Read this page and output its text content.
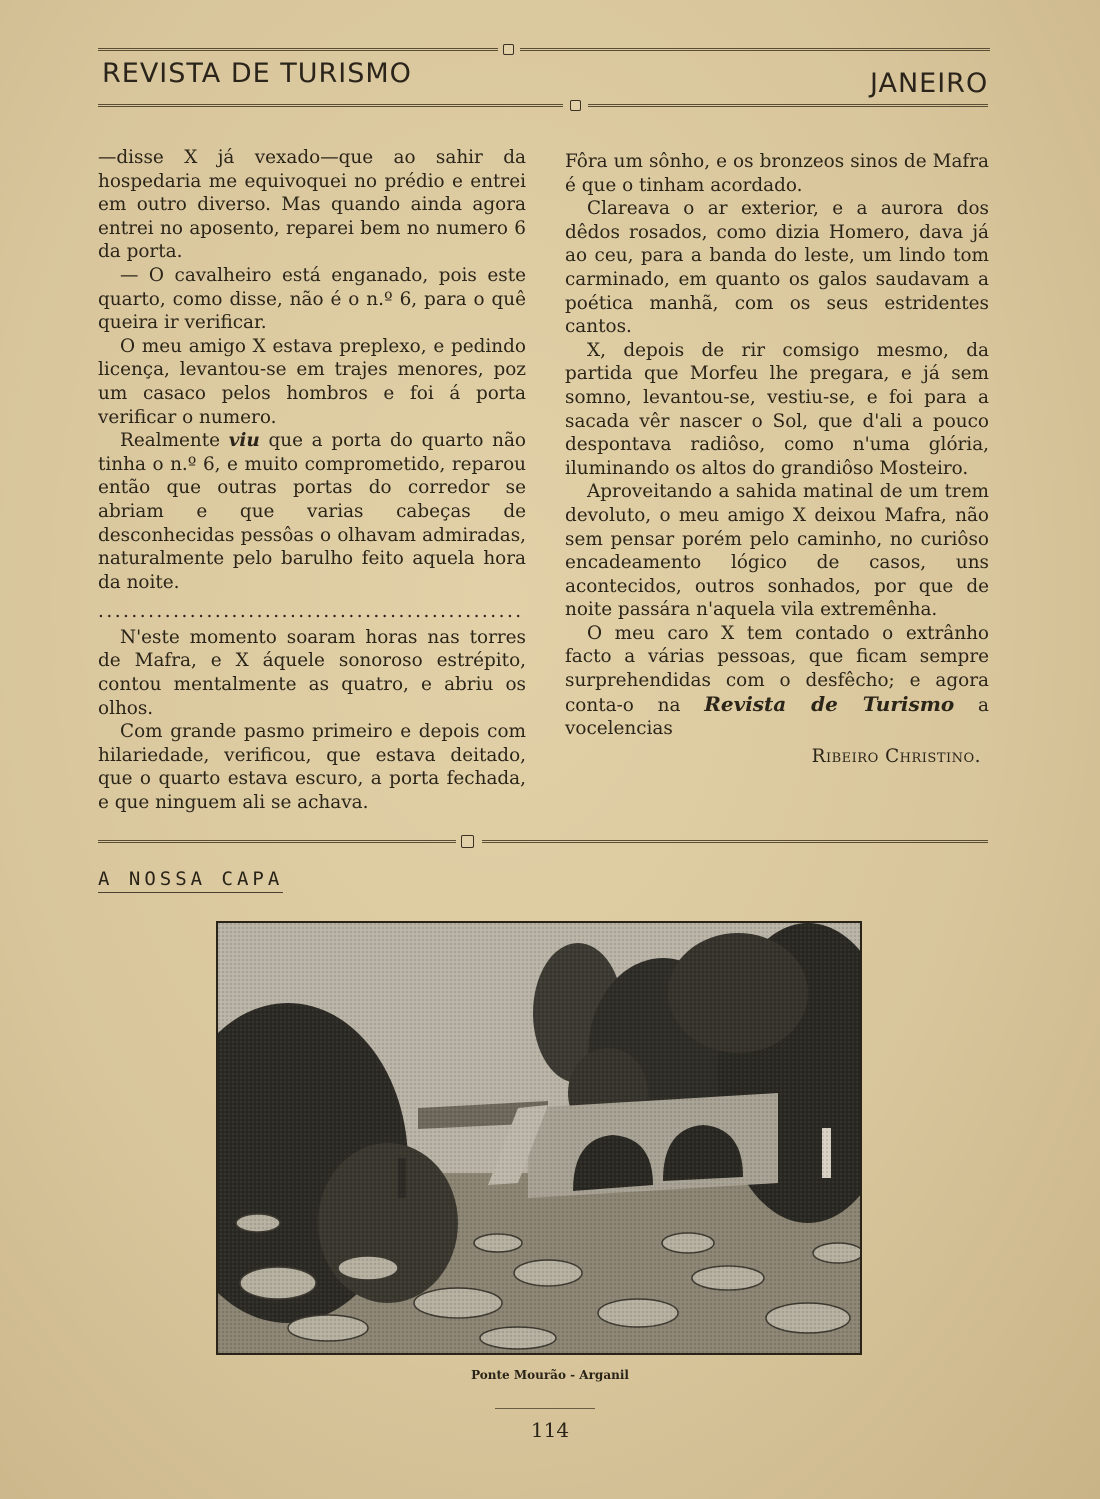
REVISTA DE TURISMO	JANEIRO

—disse X já vexado—que ao sahir da hospedaria me equivoquei no prédio e entrei em outro diverso. Mas quando ainda agora entrei no aposento, reparei bem no numero 6 da porta.

— O cavalheiro está enganado, pois este quarto, como disse, não é o n.º 6, para o quê queira ir verificar.

O meu amigo X estava preplexo, e pedindo licença, levantou-se em trajes menores, poz um casaco pelos hombros e foi á porta verificar o numero.

Realmente viu que a porta do quarto não tinha o n.º 6, e muito comprometido, reparou então que outras portas do corredor se abriam e que varias cabeças de desconhecidas pessôas o olhavam admiradas, naturalmente pelo barulho feito aquela hora da noite.

...................................................

N'este momento soaram horas nas torres de Mafra, e X áquele sonoroso estrépito, contou mentalmente as quatro, e abriu os olhos.

Com grande pasmo primeiro e depois com hilariedade, verificou, que estava deitado, que o quarto estava escuro, a porta fechada, e que ninguem ali se achava.

Fôra um sônho, e os bronzeos sinos de Mafra é que o tinham acordado.

Clareava o ar exterior, e a aurora dos dêdos rosados, como dizia Homero, dava já ao ceu, para a banda do leste, um lindo tom carminado, em quanto os galos saudavam a poética manhã, com os seus estridentes cantos.

X, depois de rir comsigo mesmo, da partida que Morfeu lhe pregara, e já sem somno, levantou-se, vestiu-se, e foi para a sacada vêr nascer o Sol, que d'ali a pouco despontava radiôso, como n'uma glória, iluminando os altos do grandiôso Mosteiro.

Aproveitando a sahida matinal de um trem devoluto, o meu amigo X deixou Mafra, não sem pensar porém pelo caminho, no curiôso encadeamento lógico de casos, uns acontecidos, outros sonhados, por que de noite passára n'aquela vila extremênha.

O meu caro X tem contado o extrânho facto a várias pessoas, que ficam sempre surprehendidas com o desfêcho; e agora conta-o na Revista de Turismo a vocelencias

Ribeiro Christino.

A NOSSA CAPA
Ponte Mourão - Arganil
114
